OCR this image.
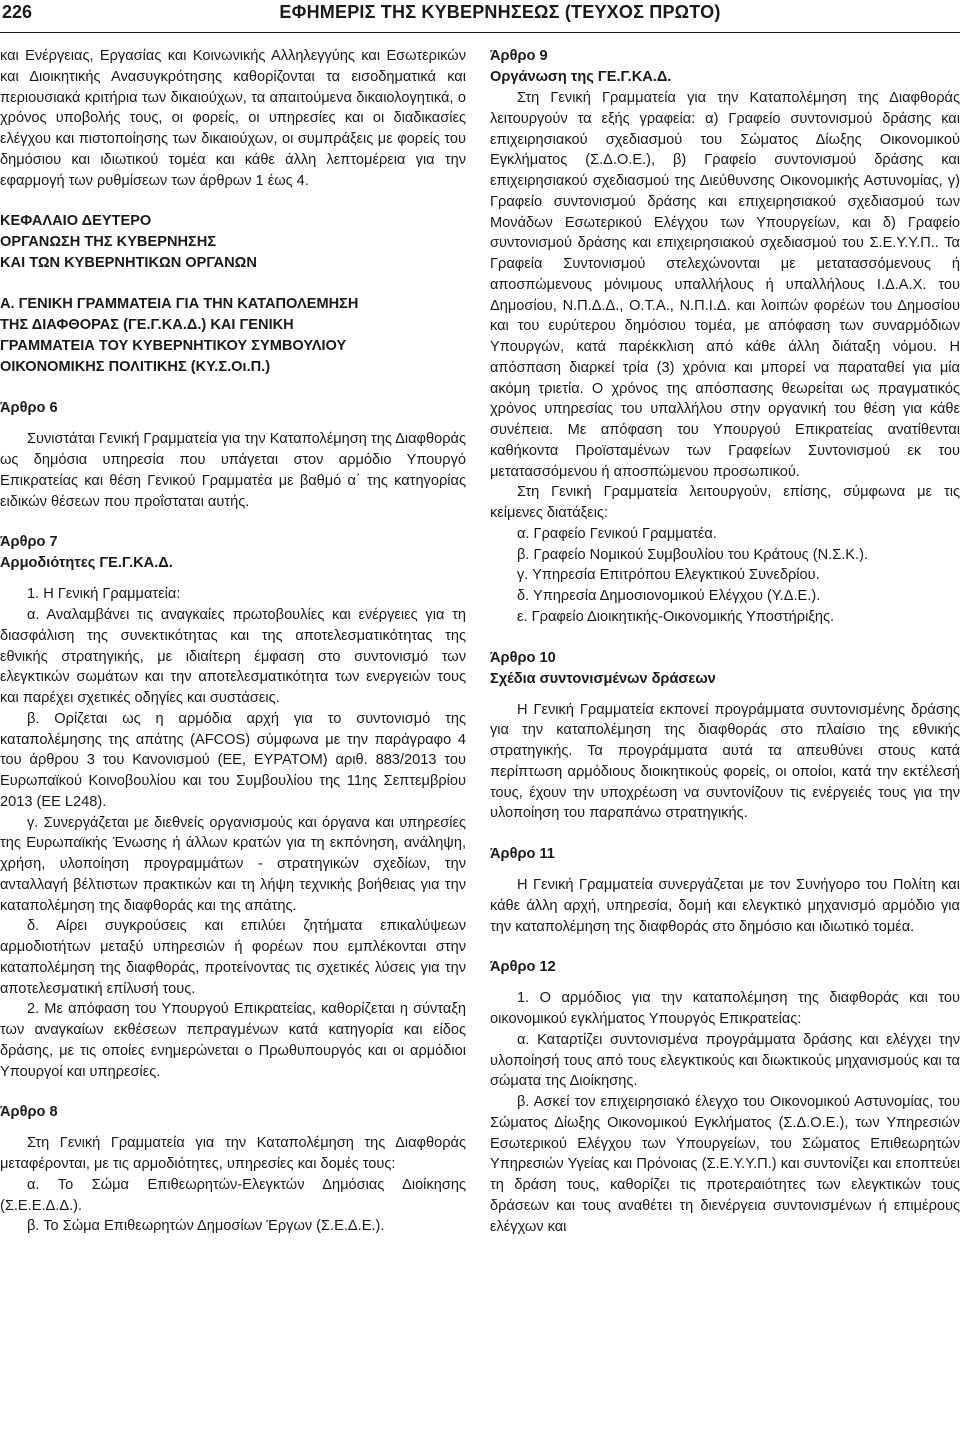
226	ΕΦΗΜΕΡΙΣ ΤΗΣ ΚΥΒΕΡΝΗΣΕΩΣ (ΤΕΥΧΟΣ ΠΡΩΤΟ)

και Ενέργειας, Εργασίας και Κοινωνικής Αλληλεγγύης και Εσωτερικών και Διοικητικής Ανασυγκρότησης καθορίζονται τα εισοδηματικά και περιουσιακά κριτήρια των δικαιούχων, τα απαιτούμενα δικαιολογητικά, ο χρόνος υποβολής τους, οι φορείς, οι υπηρεσίες και οι διαδικασίες ελέγχου και πιστοποίησης των δικαιούχων, οι συμπράξεις με φορείς του δημόσιου και ιδιωτικού τομέα και κάθε άλλη λεπτομέρεια για την εφαρμογή των ρυθμίσεων των άρθρων 1 έως 4.

ΚΕΦΑΛΑΙΟ ΔΕΥΤΕΡΟ

ΟΡΓΑΝΩΣΗ ΤΗΣ ΚΥΒΕΡΝΗΣΗΣ

ΚΑΙ ΤΩΝ ΚΥΒΕΡΝΗΤΙΚΩΝ ΟΡΓΑΝΩΝ

Α. ΓΕΝΙΚΗ ΓΡΑΜΜΑΤΕΙΑ ΓΙΑ ΤΗΝ ΚΑΤΑΠΟΛΕΜΗΣΗ

ΤΗΣ ΔΙΑΦΘΟΡΑΣ (ΓΕ.Γ.ΚΑ.Δ.) ΚΑΙ ΓΕΝΙΚΗ

ΓΡΑΜΜΑΤΕΙΑ ΤΟΥ ΚΥΒΕΡΝΗΤΙΚΟΥ ΣΥΜΒΟΥΛΙΟΥ

ΟΙΚΟΝΟΜΙΚΗΣ ΠΟΛΙΤΙΚΗΣ (ΚΥ.Σ.Οι.Π.)

Άρθρο 6

Συνιστάται Γενική Γραμματεία για την Καταπολέμηση της Διαφθοράς ως δημόσια υπηρεσία που υπάγεται στον αρμόδιο Υπουργό Επικρατείας και θέση Γενικού Γραμματέα με βαθμό α΄ της κατηγορίας ειδικών θέσεων που προΐσταται αυτής.

Άρθρο 7

Αρμοδιότητες ΓΕ.Γ.ΚΑ.Δ.

1. Η Γενική Γραμματεία:

α. Αναλαμβάνει τις αναγκαίες πρωτοβουλίες και ενέργειες για τη διασφάλιση της συνεκτικότητας και της αποτελεσματικότητας της εθνικής στρατηγικής, με ιδιαίτερη έμφαση στο συντονισμό των ελεγκτικών σωμάτων και την αποτελεσματικότητα των ενεργειών τους και παρέχει σχετικές οδηγίες και συστάσεις.

β. Ορίζεται ως η αρμόδια αρχή για το συντονισμό της καταπολέμησης της απάτης (AFCOS) σύμφωνα με την παράγραφο 4 του άρθρου 3 του Κανονισμού (ΕΕ, ΕΥΡΑΤΟΜ) αριθ. 883/2013 του Ευρωπαϊκού Κοινοβουλίου και του Συμβουλίου της 11ης Σεπτεμβρίου 2013 (ΕΕ L248).

γ. Συνεργάζεται με διεθνείς οργανισμούς και όργανα και υπηρεσίες της Ευρωπαϊκής Ένωσης ή άλλων κρατών για τη εκπόνηση, ανάληψη, χρήση, υλοποίηση προγραμμάτων - στρατηγικών σχεδίων, την ανταλλαγή βέλτιστων πρακτικών και τη λήψη τεχνικής βοήθειας για την καταπολέμηση της διαφθοράς και της απάτης.

δ. Αίρει συγκρούσεις και επιλύει ζητήματα επικαλύψεων αρμοδιοτήτων μεταξύ υπηρεσιών ή φορέων που εμπλέκονται στην καταπολέμηση της διαφθοράς, προτείνοντας τις σχετικές λύσεις για την αποτελεσματική επίλυσή τους.

2. Με απόφαση του Υπουργού Επικρατείας, καθορίζεται η σύνταξη των αναγκαίων εκθέσεων πεπραγμένων κατά κατηγορία και είδος δράσης, με τις οποίες ενημερώνεται ο Πρωθυπουργός και οι αρμόδιοι Υπουργοί και υπηρεσίες.

Άρθρο 8

Στη Γενική Γραμματεία για την Καταπολέμηση της Διαφθοράς μεταφέρονται, με τις αρμοδιότητες, υπηρεσίες και δομές τους:

α. Το Σώμα Επιθεωρητών-Ελεγκτών Δημόσιας Διοίκησης (Σ.Ε.Ε.Δ.Δ.).

β. Το Σώμα Επιθεωρητών Δημοσίων Έργων (Σ.Ε.Δ.Ε.).

Άρθρο 9

Οργάνωση της ΓΕ.Γ.ΚΑ.Δ.

Στη Γενική Γραμματεία για την Καταπολέμηση της Διαφθοράς λειτουργούν τα εξής γραφεία: α) Γραφείο συντονισμού δράσης και επιχειρησιακού σχεδιασμού του Σώματος Δίωξης Οικονομικού Εγκλήματος (Σ.Δ.Ο.Ε.), β) Γραφείο συντονισμού δράσης και επιχειρησιακού σχεδιασμού της Διεύθυνσης Οικονομικής Αστυνομίας, γ) Γραφείο συντονισμού δράσης και επιχειρησιακού σχεδιασμού των Μονάδων Εσωτερικού Ελέγχου των Υπουργείων, και δ) Γραφείο συντονισμού δράσης και επιχειρησιακού σχεδιασμού του Σ.Ε.Υ.Υ.Π.. Τα Γραφεία Συντονισμού στελεχώνονται με μετατασσόμενους ή αποσπώμενους μόνιμους υπαλλήλους ή υπαλλήλους Ι.Δ.Α.Χ. του Δημοσίου, Ν.Π.Δ.Δ., Ο.Τ.Α., Ν.Π.Ι.Δ. και λοιπών φορέων του Δημοσίου και του ευρύτερου δημόσιου τομέα, με απόφαση των συναρμόδιων Υπουργών, κατά παρέκκλιση από κάθε άλλη διάταξη νόμου. Η απόσπαση διαρκεί τρία (3) χρόνια και μπορεί να παραταθεί για μία ακόμη τριετία. Ο χρόνος της απόσπασης θεωρείται ως πραγματικός χρόνος υπηρεσίας του υπαλλήλου στην οργανική του θέση για κάθε συνέπεια. Με απόφαση του Υπουργού Επικρατείας ανατίθενται καθήκοντα Προϊσταμένων των Γραφείων Συντονισμού εκ του μετατασσόμενου ή αποσπώμενου προσωπικού.

Στη Γενική Γραμματεία λειτουργούν, επίσης, σύμφωνα με τις κείμενες διατάξεις:

α. Γραφείο Γενικού Γραμματέα.

β. Γραφείο Νομικού Συμβουλίου του Κράτους (Ν.Σ.Κ.).

γ. Υπηρεσία Επιτρόπου Ελεγκτικού Συνεδρίου.

δ. Υπηρεσία Δημοσιονομικού Ελέγχου (Υ.Δ.Ε.).

ε. Γραφείο Διοικητικής-Οικονομικής Υποστήριξης.

Άρθρο 10

Σχέδια συντονισμένων δράσεων

Η Γενική Γραμματεία εκπονεί προγράμματα συντονισμένης δράσης για την καταπολέμηση της διαφθοράς στο πλαίσιο της εθνικής στρατηγικής. Τα προγράμματα αυτά τα απευθύνει στους κατά περίπτωση αρμόδιους διοικητικούς φορείς, οι οποίοι, κατά την εκτέλεσή τους, έχουν την υποχρέωση να συντονίζουν τις ενέργειές τους για την υλοποίηση του παραπάνω στρατηγικής.

Άρθρο 11

Η Γενική Γραμματεία συνεργάζεται με τον Συνήγορο του Πολίτη και κάθε άλλη αρχή, υπηρεσία, δομή και ελεγκτικό μηχανισμό αρμόδιο για την καταπολέμηση της διαφθοράς στο δημόσιο και ιδιωτικό τομέα.

Άρθρο 12

1. Ο αρμόδιος για την καταπολέμηση της διαφθοράς και του οικονομικού εγκλήματος Υπουργός Επικρατείας:

α. Καταρτίζει συντονισμένα προγράμματα δράσης και ελέγχει την υλοποίησή τους από τους ελεγκτικούς και διωκτικούς μηχανισμούς και τα σώματα της Διοίκησης.

β. Ασκεί τον επιχειρησιακό έλεγχο του Οικονομικού Αστυνομίας, του Σώματος Δίωξης Οικονομικού Εγκλήματος (Σ.Δ.Ο.Ε.), των Υπηρεσιών Εσωτερικού Ελέγχου των Υπουργείων, του Σώματος Επιθεωρητών Υπηρεσιών Υγείας και Πρόνοιας (Σ.Ε.Υ.Υ.Π.) και συντονίζει και εποπτεύει τη δράση τους, καθορίζει τις προτεραιότητες των ελεγκτικών τους δράσεων και τους αναθέτει τη διενέργεια συντονισμένων ή επιμέρους ελέγχων και
